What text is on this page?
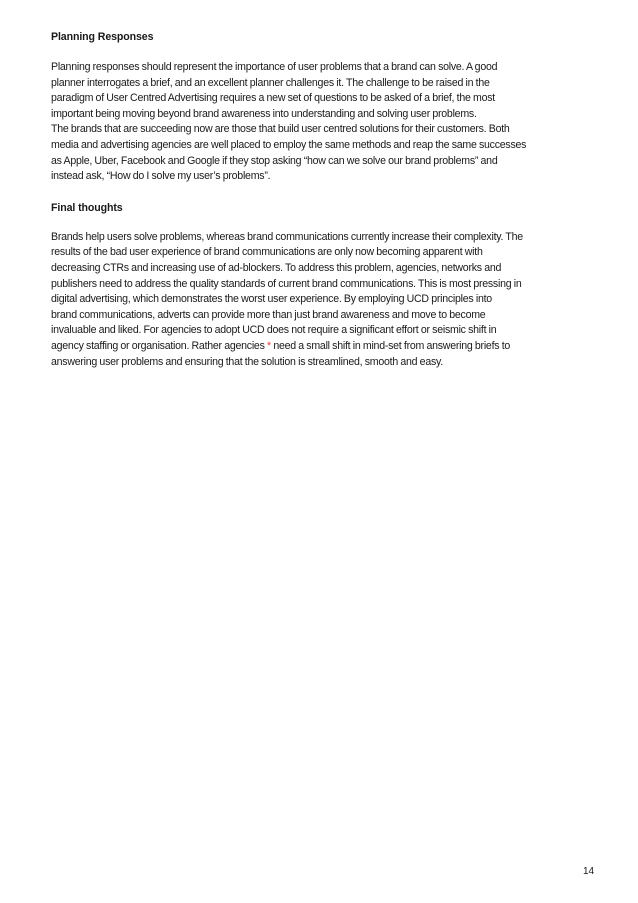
Planning Responses

Planning responses should represent the importance of user problems that a brand can solve. A good
planner interrogates a brief, and an excellent planner challenges it. The challenge to be raised in the
paradigm of User Centred Advertising requires a new set of questions to be asked of a brief, the most
important being moving beyond brand awareness into understanding and solving user problems.

The brands that are succeeding now are those that build user centred solutions for their customers. Both
media and advertising agencies are well placed to employ the same methods and reap the same successes
as Apple, Uber, Facebook and Google if they stop asking “how can we solve our brand problems” and
instead ask, “How do I solve my user’s problems”.

Final thoughts

Brands help users solve problems, whereas brand communications currently increase their complexity. The
results of the bad user experience of brand communications are only now becoming apparent with
decreasing CTRs and increasing use of ad-blockers. To address this problem, agencies, networks and
publishers need to address the quality standards of current brand communications. This is most pressing in
digital advertising, which demonstrates the worst user experience. By employing UCD principles into
brand communications, adverts can provide more than just brand awareness and move to become
invaluable and liked. For agencies to adopt UCD does not require a significant effort or seismic shift in
agency staffing or organisation. Rather agencies * need a small shift in mind-set from answering briefs to
answering user problems and ensuring that the solution is streamlined, smooth and easy.

14
